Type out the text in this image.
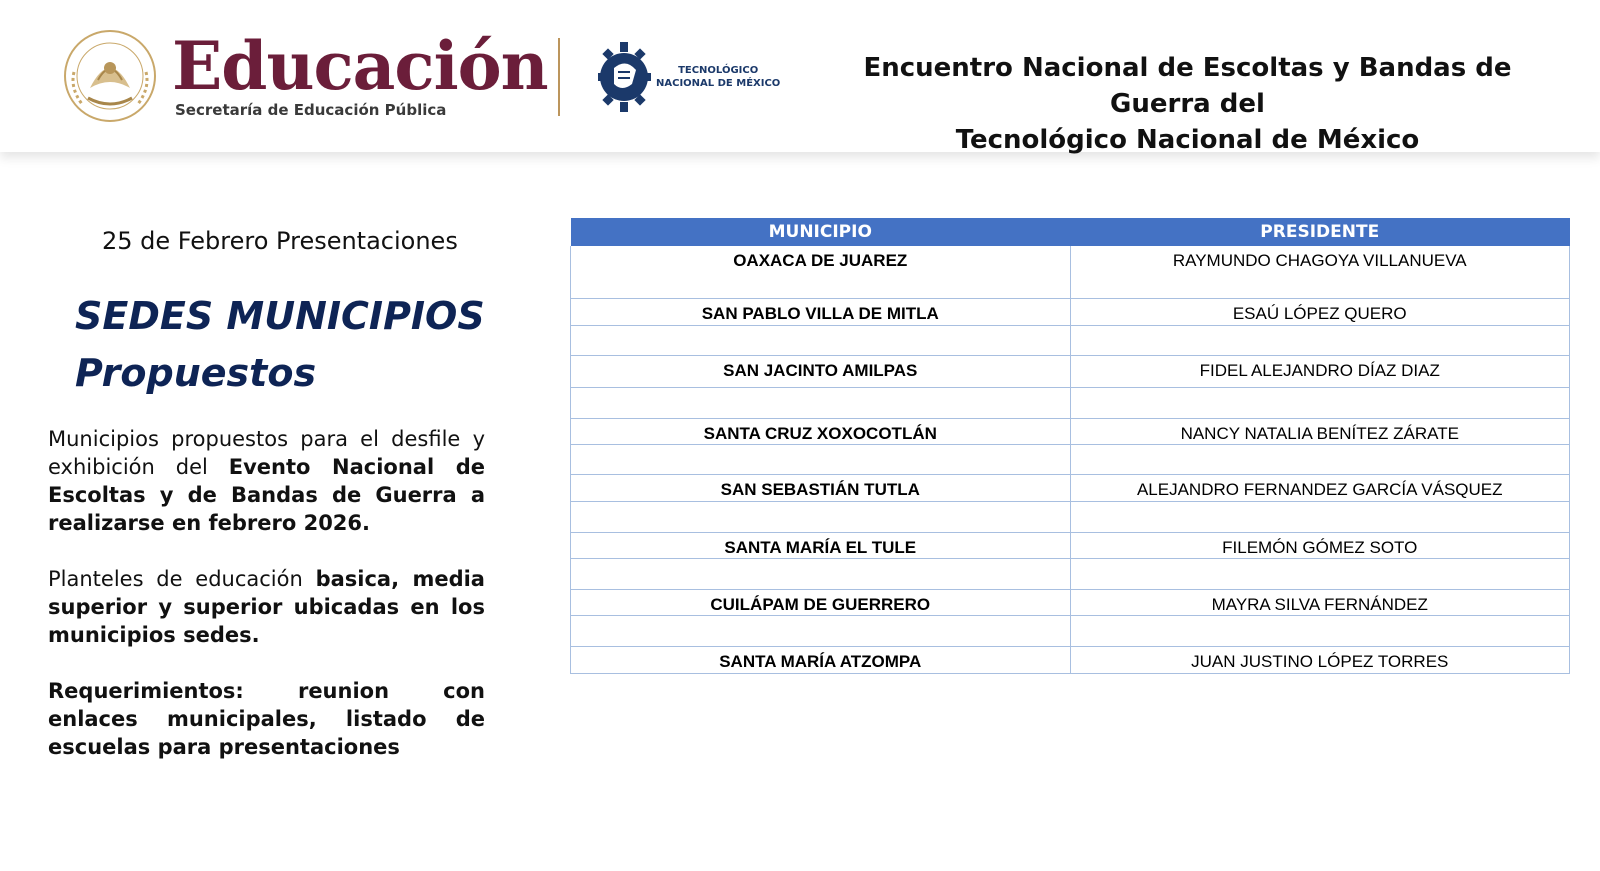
Educación
Secretaría de Educación Pública
TECNOLÓGICO
NACIONAL DE MÉXICO
Encuentro Nacional de Escoltas y Bandas de Guerra del
Tecnológico Nacional de México
25 de Febrero Presentaciones
SEDES MUNICIPIOS
Propuestos
Municipios propuestos para el desfile y exhibición del Evento Nacional de Escoltas y de Bandas de Guerra a realizarse en febrero 2026.
Planteles de educación basica, media superior y superior ubicadas en los municipios sedes.
Requerimientos: reunion con enlaces municipales, listado de escuelas para presentaciones
MUNICIPIO	PRESIDENTE
OAXACA DE JUAREZ	RAYMUNDO CHAGOYA VILLANUEVA
SAN PABLO VILLA DE MITLA	ESAÚ LÓPEZ QUERO

SAN JACINTO AMILPAS	FIDEL ALEJANDRO DÍAZ DIAZ

SANTA CRUZ XOXOCOTLÁN	NANCY NATALIA BENÍTEZ ZÁRATE

SAN SEBASTIÁN TUTLA	ALEJANDRO FERNANDEZ GARCÍA VÁSQUEZ

SANTA MARÍA EL TULE	FILEMÓN GÓMEZ SOTO

CUILÁPAM DE GUERRERO	MAYRA SILVA FERNÁNDEZ

SANTA MARÍA ATZOMPA	JUAN JUSTINO LÓPEZ TORRES
